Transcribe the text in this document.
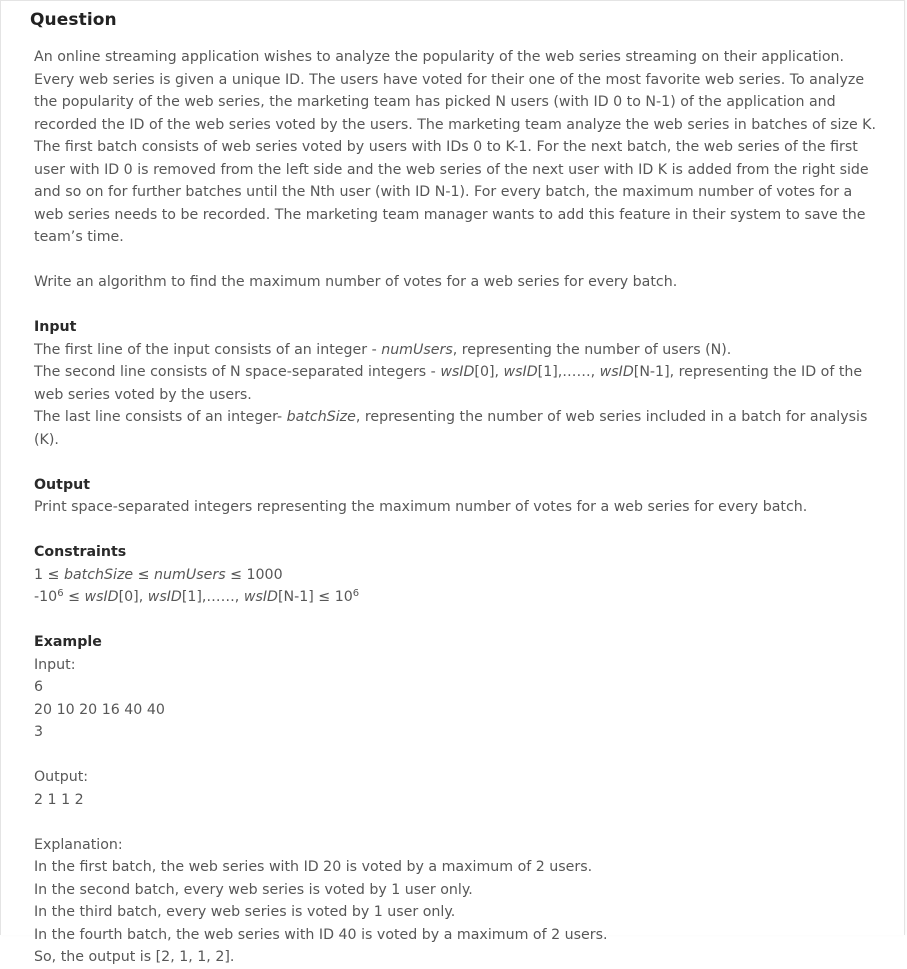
Question

An online streaming application wishes to analyze the popularity of the web series streaming on their application. Every web series is given a unique ID. The users have voted for their one of the most favorite web series. To analyze the popularity of the web series, the marketing team has picked N users (with ID 0 to N-1) of the application and recorded the ID of the web series voted by the users. The marketing team analyze the web series in batches of size K. The first batch consists of web series voted by users with IDs 0 to K-1. For the next batch, the web series of the first user with ID 0 is removed from the left side and the web series of the next user with ID K is added from the right side and so on for further batches until the Nth user (with ID N-1). For every batch, the maximum number of votes for a web series needs to be recorded. The marketing team manager wants to add this feature in their system to save the team’s time.

Write an algorithm to find the maximum number of votes for a web series for every batch.

Input

The first line of the input consists of an integer - numUsers, representing the number of users (N).

The second line consists of N space-separated integers - wsID[0], wsID[1],……, wsID[N-1], representing the ID of the web series voted by the users.

The last line consists of an integer- batchSize, representing the number of web series included in a batch for analysis (K).

Output

Print space-separated integers representing the maximum number of votes for a web series for every batch.

Constraints

1 ≤ batchSize ≤ numUsers ≤ 1000

$-10^6$ ≤ wsID[0], wsID[1],……, wsID[N-1] ≤ $10^6$

Example

Input:

6

20 10 20 16 40 40

3

Output:

2 1 1 2

Explanation:

In the first batch, the web series with ID 20 is voted by a maximum of 2 users.

In the second batch, every web series is voted by 1 user only.

In the third batch, every web series is voted by 1 user only.

In the fourth batch, the web series with ID 40 is voted by a maximum of 2 users.

So, the output is [2, 1, 1, 2].
